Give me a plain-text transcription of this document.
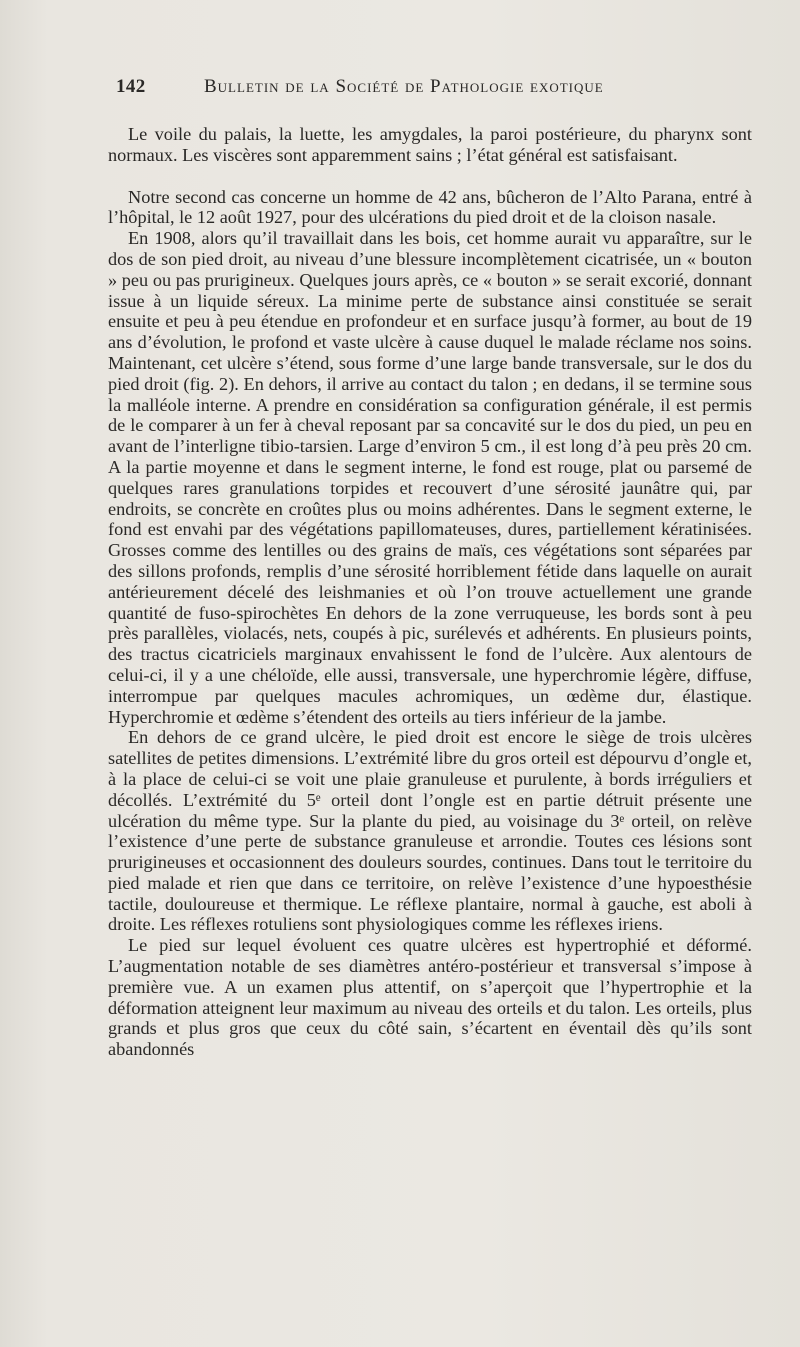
142	Bulletin de la Société de Pathologie exotique

Le voile du palais, la luette, les amygdales, la paroi postérieure, du pharynx sont normaux. Les viscères sont apparemment sains ; l’état général est satisfaisant.

Notre second cas concerne un homme de 42 ans, bûcheron de l’Alto Parana, entré à l’hôpital, le 12 août 1927, pour des ulcérations du pied droit et de la cloison nasale.

En 1908, alors qu’il travaillait dans les bois, cet homme aurait vu apparaître, sur le dos de son pied droit, au niveau d’une blessure incomplètement cicatrisée, un « bouton » peu ou pas prurigineux. Quelques jours après, ce « bouton » se serait excorié, donnant issue à un liquide séreux. La minime perte de substance ainsi constituée se serait ensuite et peu à peu étendue en profondeur et en surface jusqu’à former, au bout de 19 ans d’évolution, le profond et vaste ulcère à cause duquel le malade réclame nos soins. Maintenant, cet ulcère s’étend, sous forme d’une large bande transversale, sur le dos du pied droit (fig. 2). En dehors, il arrive au contact du talon ; en dedans, il se termine sous la malléole interne. A prendre en considération sa configuration générale, il est permis de le comparer à un fer à cheval reposant par sa concavité sur le dos du pied, un peu en avant de l’interligne tibio-tarsien. Large d’environ 5 cm., il est long d’à peu près 20 cm. A la partie moyenne et dans le segment interne, le fond est rouge, plat ou parsemé de quelques rares granulations torpides et recouvert d’une sérosité jaunâtre qui, par endroits, se concrète en croûtes plus ou moins adhérentes. Dans le segment externe, le fond est envahi par des végétations papillomateuses, dures, partiellement kératinisées. Grosses comme des lentilles ou des grains de maïs, ces végétations sont séparées par des sillons profonds, remplis d’une sérosité horriblement fétide dans laquelle on aurait antérieurement décelé des leishmanies et où l’on trouve actuellement une grande quantité de fuso-spirochètes En dehors de la zone verruqueuse, les bords sont à peu près parallèles, violacés, nets, coupés à pic, surélevés et adhérents. En plusieurs points, des tractus cicatriciels marginaux envahissent le fond de l’ulcère. Aux alentours de celui-ci, il y a une chéloïde, elle aussi, transversale, une hyperchromie légère, diffuse, interrompue par quelques macules achromiques, un œdème dur, élastique. Hyperchromie et œdème s’étendent des orteils au tiers inférieur de la jambe.

En dehors de ce grand ulcère, le pied droit est encore le siège de trois ulcères satellites de petites dimensions. L’extrémité libre du gros orteil est dépourvu d’ongle et, à la place de celui-ci se voit une plaie granuleuse et purulente, à bords irréguliers et décollés. L’extrémité du 5ᵉ orteil dont l’ongle est en partie détruit présente une ulcération du même type. Sur la plante du pied, au voisinage du 3ᵉ orteil, on relève l’existence d’une perte de substance granuleuse et arrondie. Toutes ces lésions sont prurigineuses et occasionnent des douleurs sourdes, continues. Dans tout le territoire du pied malade et rien que dans ce territoire, on relève l’existence d’une hypoesthésie tactile, douloureuse et thermique. Le réflexe plantaire, normal à gauche, est aboli à droite. Les réflexes rotuliens sont physiologiques comme les réflexes iriens.

Le pied sur lequel évoluent ces quatre ulcères est hypertrophié et déformé. L’augmentation notable de ses diamètres antéro-postérieur et transversal s’impose à première vue. A un examen plus attentif, on s’aperçoit que l’hypertrophie et la déformation atteignent leur maximum au niveau des orteils et du talon. Les orteils, plus grands et plus gros que ceux du côté sain, s’écartent en éventail dès qu’ils sont abandonnés
